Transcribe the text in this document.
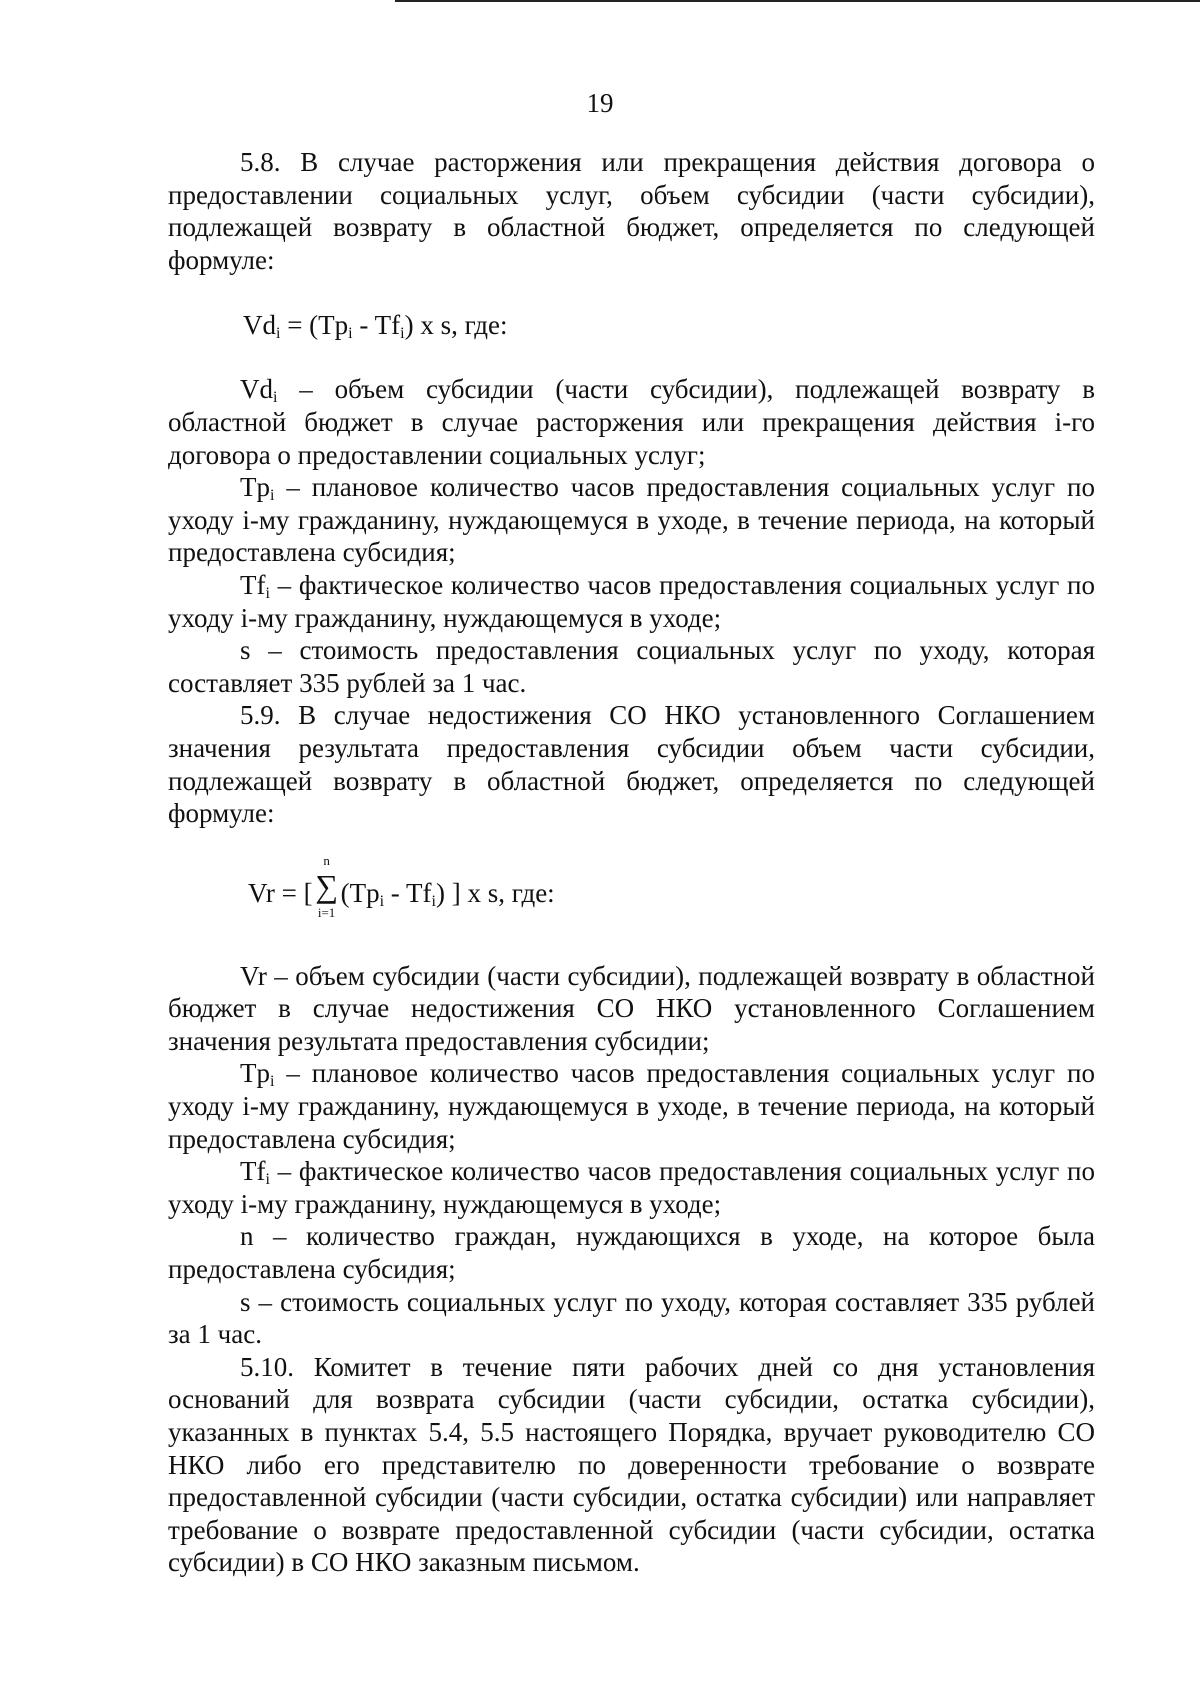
19

5.8. В случае расторжения или прекращения действия договора о предоставлении социальных услуг, объем субсидии (части субсидии), подлежащей возврату в областной бюджет, определяется по следующей формуле:

$Vd_i = (Tp_i - Tf_i)$ x s, где:

$Vd_i$ – объем субсидии (части субсидии), подлежащей возврату в областной бюджет в случае расторжения или прекращения действия i-го договора о предоставлении социальных услуг;

$Tp_i$ – плановое количество часов предоставления социальных услуг по уходу i-му гражданину, нуждающемуся в уходе, в течение периода, на который предоставлена субсидия;

$Tf_i$ – фактическое количество часов предоставления социальных услуг по уходу i-му гражданину, нуждающемуся в уходе;

s – стоимость предоставления социальных услуг по уходу, которая составляет 335 рублей за 1 час.

5.9. В случае недостижения СО НКО установленного Соглашением значения результата предоставления субсидии объем части субсидии, подлежащей возврату в областной бюджет, определяется по следующей формуле:

Vr = [
n
∑
i=1
$(Tp_i - Tf_i)$ ] x s, где:

Vr – объем субсидии (части субсидии), подлежащей возврату в областной бюджет в случае недостижения СО НКО установленного Соглашением значения результата предоставления субсидии;

$Tp_i$ – плановое количество часов предоставления социальных услуг по уходу i-му гражданину, нуждающемуся в уходе, в течение периода, на который предоставлена субсидия;

$Tf_i$ – фактическое количество часов предоставления социальных услуг по уходу i-му гражданину, нуждающемуся в уходе;

n – количество граждан, нуждающихся в уходе, на которое была предоставлена субсидия;

s – стоимость социальных услуг по уходу, которая составляет 335 рублей за 1 час.

5.10. Комитет в течение пяти рабочих дней со дня установления оснований для возврата субсидии (части субсидии, остатка субсидии), указанных в пунктах 5.4, 5.5 настоящего Порядка, вручает руководителю СО НКО либо его представителю по доверенности требование о возврате предоставленной субсидии (части субсидии, остатка субсидии) или направляет требование о возврате предоставленной субсидии (части субсидии, остатка субсидии) в СО НКО заказным письмом.
